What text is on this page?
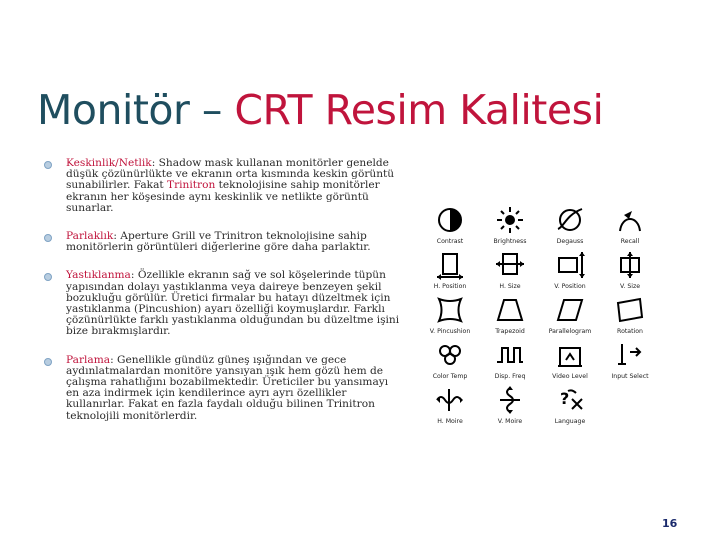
Monitör – CRT Resim Kalitesi
Keskinlik/Netlik: Shadow mask kullanan monitörler genelde düşük çözünürlükte ve ekranın orta kısmında keskin görüntü sunabilirler. Fakat Trinitron teknolojisine sahip monitörler ekranın her köşesinde aynı keskinlik ve netlikte görüntü sunarlar.
Parlaklık: Aperture Grill ve Trinitron teknolojisine sahip monitörlerin görüntüleri diğerlerine göre daha parlaktır.
Yastıklanma: Özellikle ekranın sağ ve sol köşelerinde tüpün yapısından dolayı yastıklanma veya daireye benzeyen şekil bozukluğu görülür. Üretici firmalar bu hatayı düzeltmek için yastıklanma (Pincushion) ayarı özelliği koymuşlardır. Farklı çözünürlükte farklı yastıklanma olduğundan bu düzeltme işini bize bırakmışlardır.
Parlama: Genellikle gündüz güneş ışığından ve gece aydınlatmalardan monitöre yansıyan ışık hem gözü hem de çalışma rahatlığını bozabilmektedir. Üreticiler bu yansımayı en aza indirmek için kendilerince ayrı ayrı özellikler kullanırlar. Fakat en fazla faydalı olduğu bilinen Trinitron teknolojili monitörlerdir.
Contrast	Brightness	Degauss	Recall
H. Position	H. Size	V. Position	V. Size
V. Pincushion	Trapezoid	Parallelogram	Rotation
Color Temp	Disp. Freq	Video Level	Input Select
H. Moire	V. Moire
?
Language
16
